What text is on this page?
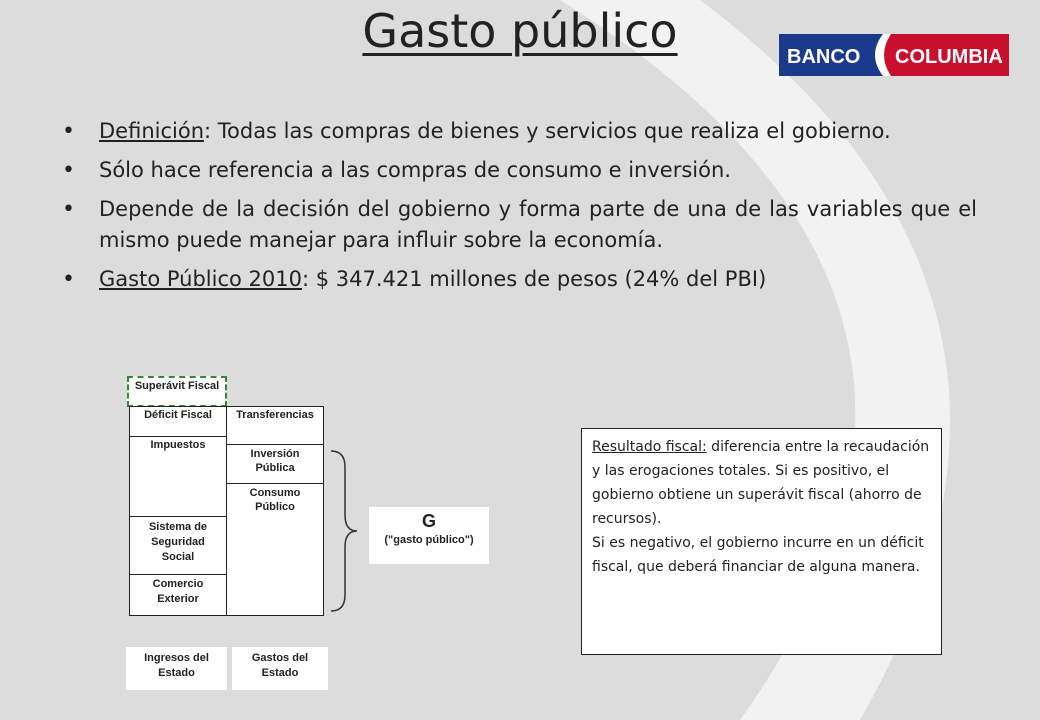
Gasto público	BANCO COLUMBIA
• Definición: Todas las compras de bienes y servicios que realiza el gobierno.
• Sólo hace referencia a las compras de consumo e inversión.
• Depende de la decisión del gobierno y forma parte de una de las variables que el mismo puede manejar para influir sobre la economía.
• Gasto Público 2010: $ 347.421 millones de pesos (24% del PBI)
Superávit Fiscal
Déficit Fiscal
Impuestos
Sistema de Seguridad Social
Comercio Exterior
Transferencias
Inversión Pública
Consumo Público
G
("gasto público")
Ingresos del Estado
Gastos del Estado
Resultado fiscal: diferencia entre la recaudación y las erogaciones totales. Si es positivo, el gobierno obtiene un superávit fiscal (ahorro de recursos).
Si es negativo, el gobierno incurre en un déficit fiscal, que deberá financiar de alguna manera.
